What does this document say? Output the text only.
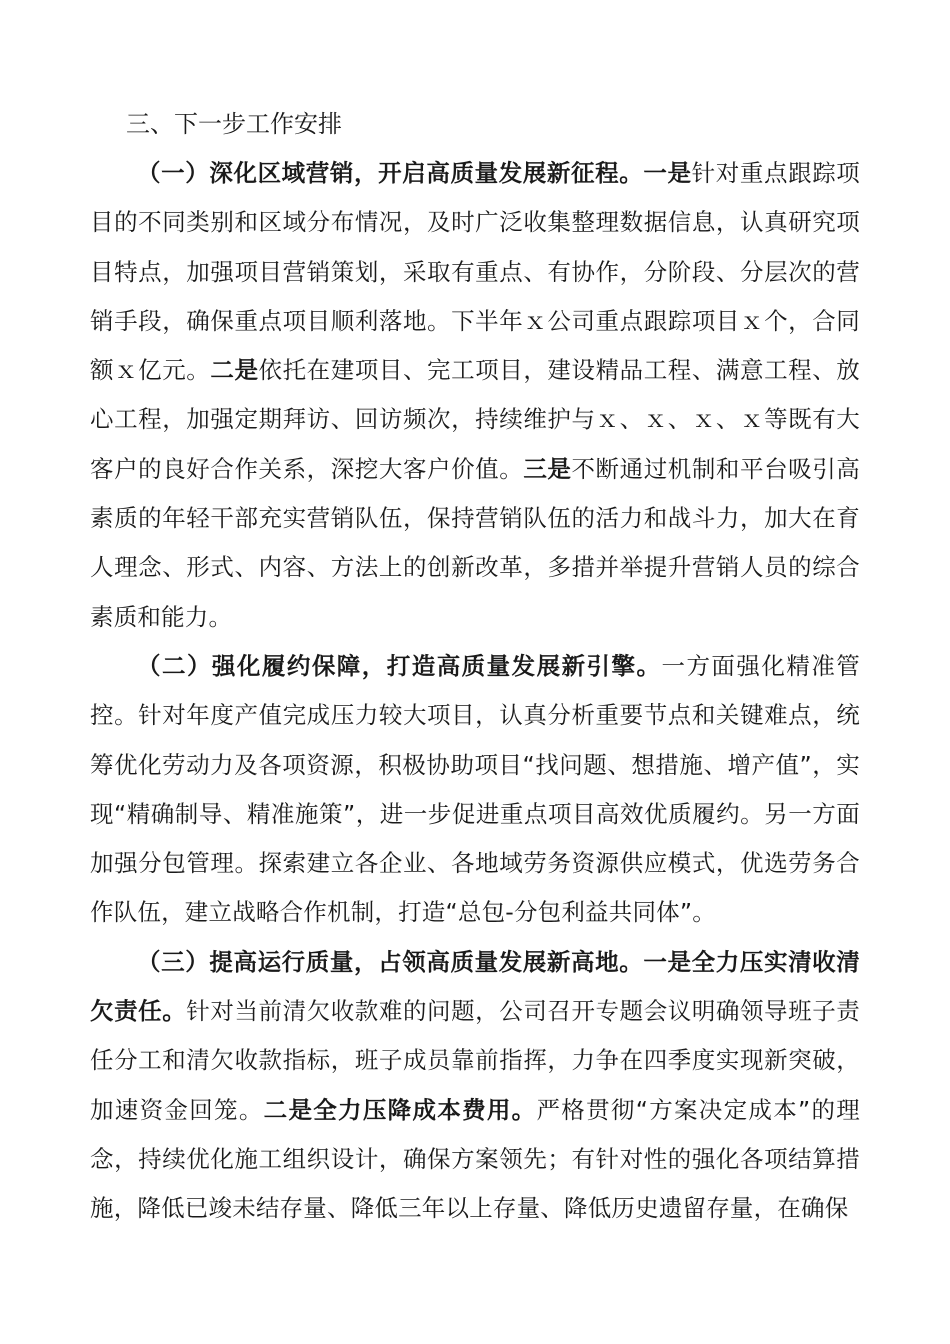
三、下一步工作安排

（一）深化区域营销，开启高质量发展新征程。一是针对重点跟踪项目的不同类别和区域分布情况，及时广泛收集整理数据信息，认真研究项目特点，加强项目营销策划，采取有重点、有协作，分阶段、分层次的营销手段，确保重点项目顺利落地。下半年ｘ公司重点跟踪项目ｘ个，合同额ｘ亿元。二是依托在建项目、完工项目，建设精品工程、满意工程、放心工程，加强定期拜访、回访频次，持续维护与ｘ、ｘ、ｘ、ｘ等既有大客户的良好合作关系，深挖大客户价值。三是不断通过机制和平台吸引高素质的年轻干部充实营销队伍，保持营销队伍的活力和战斗力，加大在育人理念、形式、内容、方法上的创新改革，多措并举提升营销人员的综合素质和能力。

（二）强化履约保障，打造高质量发展新引擎。一方面强化精准管控。针对年度产值完成压力较大项目，认真分析重要节点和关键难点，统筹优化劳动力及各项资源，积极协助项目“找问题、想措施、增产值”，实现“精确制导、精准施策”，进一步促进重点项目高效优质履约。另一方面加强分包管理。探索建立各企业、各地域劳务资源供应模式，优选劳务合作队伍，建立战略合作机制，打造“总包-分包利益共同体”。

（三）提高运行质量，占领高质量发展新高地。一是全力压实清收清欠责任。针对当前清欠收款难的问题，公司召开专题会议明确领导班子责任分工和清欠收款指标，班子成员靠前指挥，力争在四季度实现新突破，加速资金回笼。二是全力压降成本费用。严格贯彻“方案决定成本”的理念，持续优化施工组织设计，确保方案领先；有针对性的强化各项结算措施，降低已竣未结存量、降低三年以上存量、降低历史遗留存量，在确保
